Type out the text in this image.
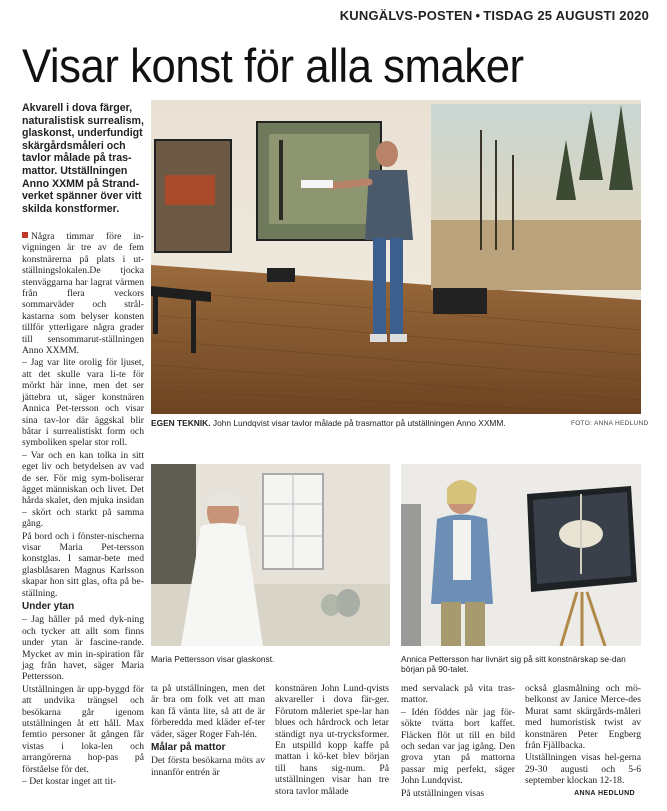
KUNGÄLVS-POSTEN • TISDAG 25 AUGUSTI 2020
Visar konst för alla smaker
Akvarell i dova färger, naturalistisk surrealism, glaskonst, underfundigt skärgårdsmåleri och tavlor målade på tras-mattor. Utställningen Anno XXMM på Strand-verket spänner över vitt skilda konstformer.

Några timmar före in-vigningen är tre av de fem konstnärerna på plats i ut-ställningslokalen.De tjocka stenväggarna har lagrat värmen från flera veckors sommarväder och strål-kastarna som belyser konsten tillför ytterligare några grader till sensommarut-ställningen Anno XXMM.

– Jag var lite orolig för ljuset, att det skulle vara li-te för mörkt här inne, men det ser jättebra ut, säger konstnären Annica Pet-tersson och visar sina tav-lor där äggskal blir båtar i surrealistiskt form och symboliken spelar stor roll.

– Var och en kan tolka in sitt eget liv och betydelsen av vad de ser. För mig sym-boliserar ägget människan och livet. Det hårda skalet, den mjuka insidan – skört och starkt på samma gång.

På bord och i fönster-nischerna visar Maria Pet-tersson konstglas. I samar-bete med glasblåsaren Magnus Karlsson skapar hon sitt glas, ofta på be-ställning.

Under ytan

– Jag håller på med dyk-ning och tycker att allt som finns under ytan är fascine-rande. Mycket av min in-spiration får jag från havet, säger Maria Pettersson.

Utställningen är upp-byggd för att undvika trängsel och besökarna går igenom utställningen åt ett håll. Max femtio personer åt gången får vistas i loka-len och arrangörerna hop-pas på förståelse för det.

– Det kostar inget att tit-

EGEN TEKNIK. John Lundqvist visar tavlor målade på trasmattor på utställningen Anno XXMM.	FOTO: ANNA HEDLUND
Maria Pettersson visar glaskonst.	Annica Pettersson har livnärt sig på sitt konstnärskap se-dan början på 90-talet.

ta på utställningen, men det är bra om folk vet att man kan få vänta lite, så att de är förberedda med kläder ef-ter väder, säger Roger Fah-lén.

Målar på mattor

Det första besökarna möts av innanför entrén är

konstnären John Lund-qvists akvareller i dova fär-ger. Förutom måleriet spe-lar han blues och hårdrock och letar ständigt nya ut-trycksformer. En utspilld kopp kaffe på mattan i kö-ket blev början till hans sig-num. På utställningen visar han tre stora tavlor målade

med servalack på vita tras-mattor.

– Idén föddes när jag för-sökte tvätta bort kaffet. Fläcken flöt ut till en bild och sedan var jag igång. Den grova ytan på mattorna passar mig perfekt, säger John Lundqvist.

På utställningen visas

också glasmålning och mö-belkonst av Janice Merce-des Murat samt skärgårds-måleri med humoristisk twist av konstnären Peter Engberg från Fjällbacka.

Utställningen visas hel-gerna 29-30 augusti och 5-6 september klockan 12-18.

ANNA HEDLUND
